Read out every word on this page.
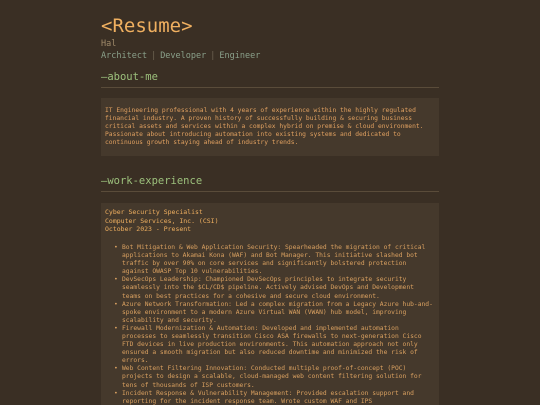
<Resume>
Hal
Architect | Developer | Engineer
—about-me
IT Engineering professional with 4 years of experience within the highly regulated financial industry. A proven history of successfully building & securing business critical assets and services within a complex hybrid on premise & cloud environment. Passionate about introducing automation into existing systems and dedicated to continuous growth staying ahead of industry trends.
—work-experience
Cyber Security Specialist
Computer Services, Inc. (CSI)
October 2023 - Present
• Bot Mitigation & Web Application Security: Spearheaded the migration of critical applications to Akamai Kona (WAF) and Bot Manager. This initiative slashed bot traffic by over 90% on core services and significantly bolstered protection against OWASP Top 10 vulnerabilities.
• DevSecOps Leadership: Championed DevSecOps principles to integrate security seamlessly into the $CL/CD$ pipeline. Actively advised DevOps and Development teams on best practices for a cohesive and secure cloud environment.
• Azure Network Transformation: Led a complex migration from a Legacy Azure hub-and-spoke environment to a modern Azure Virtual WAN (VWAN) hub model, improving scalability and security.
• Firewall Modernization & Automation: Developed and implemented automation processes to seamlessly transition Cisco ASA firewalls to next-generation Cisco FTD devices in live production environments. This automation approach not only ensured a smooth migration but also reduced downtime and minimized the risk of errors.
• Web Content Filtering Innovation: Conducted multiple proof-of-concept (POC) projects to design a scalable, cloud-managed web content filtering solution for tens of thousands of ISP customers.
• Incident Response & Vulnerability Management: Provided escalation support and reporting for the incident response team. Wrote custom WAF and IPS
